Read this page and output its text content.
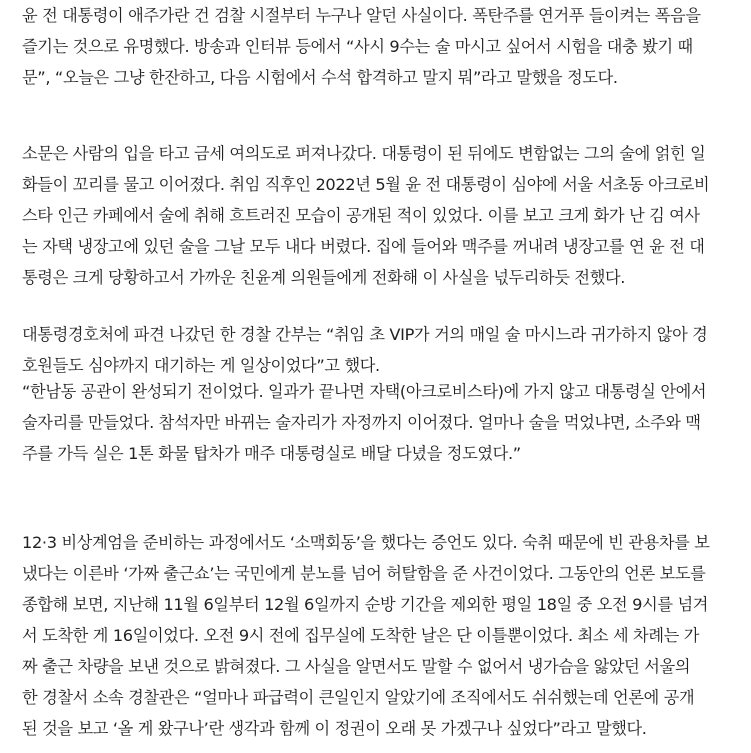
윤 전 대통령이 애주가란 건 검찰 시절부터 누구나 알던 사실이다. 폭탄주를 연거푸 들이켜는 폭음을
즐기는 것으로 유명했다. 방송과 인터뷰 등에서 “사시 9수는 술 마시고 싶어서 시험을 대충 봤기 때
문”, “오늘은 그냥 한잔하고, 다음 시험에서 수석 합격하고 말지 뭐”라고 말했을 정도다.
소문은 사람의 입을 타고 금세 여의도로 퍼져나갔다. 대통령이 된 뒤에도 변함없는 그의 술에 얽힌 일
화들이 꼬리를 물고 이어졌다. 취임 직후인 2022년 5월 윤 전 대통령이 심야에 서울 서초동 아크로비
스타 인근 카페에서 술에 취해 흐트러진 모습이 공개된 적이 있었다. 이를 보고 크게 화가 난 김 여사
는 자택 냉장고에 있던 술을 그날 모두 내다 버렸다. 집에 들어와 맥주를 꺼내려 냉장고를 연 윤 전 대
통령은 크게 당황하고서 가까운 친윤계 의원들에게 전화해 이 사실을 넋두리하듯 전했다.
대통령경호처에 파견 나갔던 한 경찰 간부는 “취임 초 VIP가 거의 매일 술 마시느라 귀가하지 않아 경
호원들도 심야까지 대기하는 게 일상이었다”고 했다.
“한남동 공관이 완성되기 전이었다. 일과가 끝나면 자택(아크로비스타)에 가지 않고 대통령실 안에서
술자리를 만들었다. 참석자만 바뀌는 술자리가 자정까지 이어졌다. 얼마나 술을 먹었냐면, 소주와 맥
주를 가득 실은 1톤 화물 탑차가 매주 대통령실로 배달 다녔을 정도였다.”
12·3 비상계엄을 준비하는 과정에서도 ‘소맥회동’을 했다는 증언도 있다. 숙취 때문에 빈 관용차를 보
냈다는 이른바 ‘가짜 출근쇼’는 국민에게 분노를 넘어 허탈함을 준 사건이었다. 그동안의 언론 보도를
종합해 보면, 지난해 11월 6일부터 12월 6일까지 순방 기간을 제외한 평일 18일 중 오전 9시를 넘겨
서 도착한 게 16일이었다. 오전 9시 전에 집무실에 도착한 날은 단 이틀뿐이었다. 최소 세 차례는 가
짜 출근 차량을 보낸 것으로 밝혀졌다. 그 사실을 알면서도 말할 수 없어서 냉가슴을 앓았던 서울의
한 경찰서 소속 경찰관은 “얼마나 파급력이 큰일인지 알았기에 조직에서도 쉬쉬했는데 언론에 공개
된 것을 보고 ‘올 게 왔구나’란 생각과 함께 이 정권이 오래 못 가겠구나 싶었다”라고 말했다.
